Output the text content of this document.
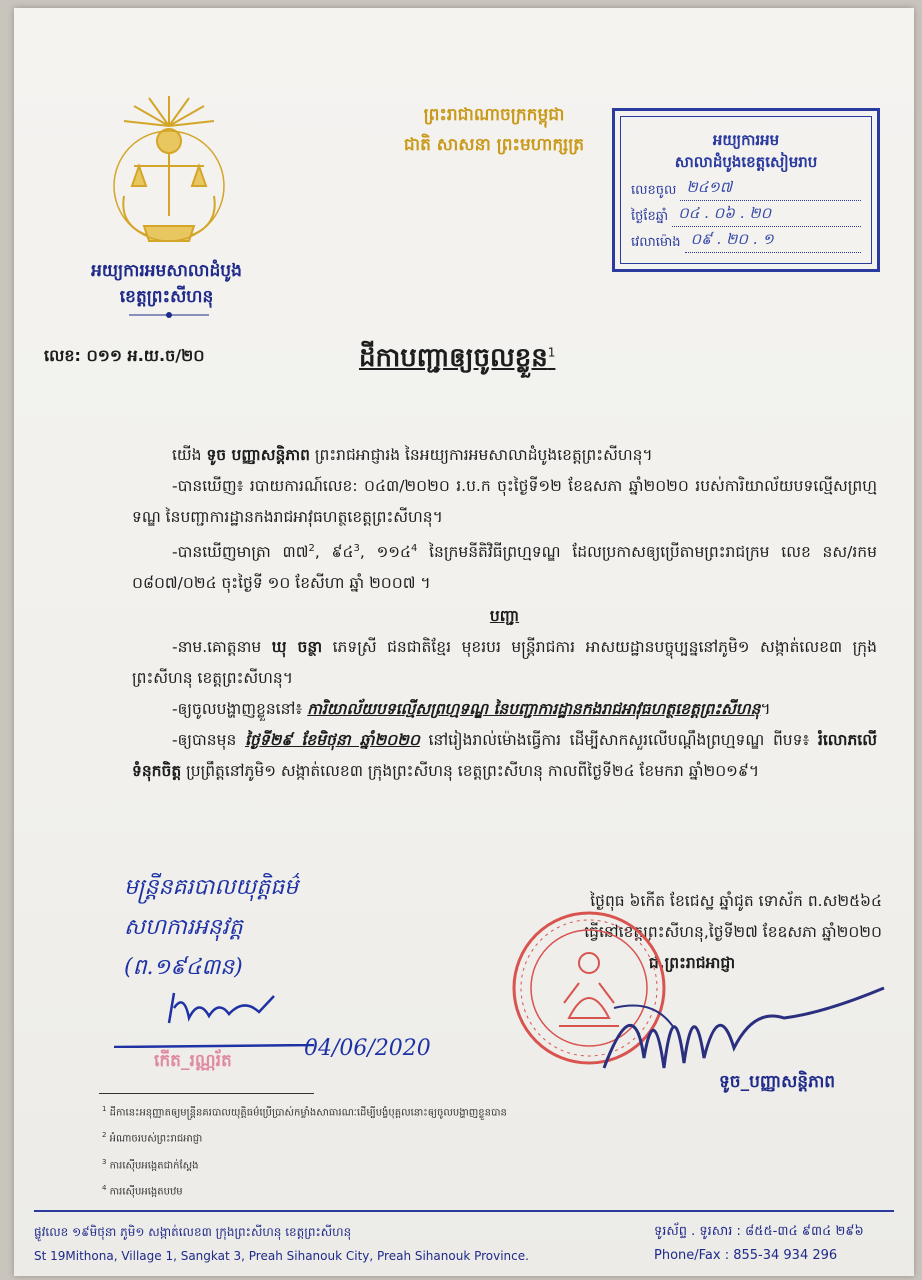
អយ្យការអមសាលាដំបូង
ខេត្តព្រះសីហនុ
ព្រះរាជាណាចក្រកម្ពុជា
ជាតិ សាសនា ព្រះមហាក្សត្រ	អយ្យការអម
សាលាដំបូងខេត្តសៀមរាប
លេខចូល ២៤១៧
ថ្ងៃខែឆ្នាំ ០៤ . ០៦ . ២០
វេលាម៉ោង ០៩ . ២០ . ១
លេខ: ០១១ អ.យ.ច/២០	ដីកាបញ្ជាឲ្យចូលខ្លួន$^1$

យើង ទូច បញ្ញាសន្តិភាព ព្រះរាជអាជ្ញារង នៃអយ្យការអមសាលាដំបូងខេត្តព្រះសីហនុ។

-បានឃើញ៖ របាយការណ៍លេខ: ០៤៣/២០២០ រ.ប.ក ចុះថ្ងៃទី១២ ខែឧសភា ឆ្នាំ២០២០ របស់ការិយាល័យបទល្មើសព្រហ្មទណ្ឌ នៃបញ្ជាការដ្ឋានកងរាជអាវុធហត្ថខេត្តព្រះសីហនុ។

-បានឃើញមាត្រា ៣៧$^2$, ៩៤$^3$, ១១៤$^4$ នៃក្រមនីតិវិធីព្រហ្មទណ្ឌ ដែលប្រកាសឲ្យប្រើតាមព្រះរាជក្រម លេខ នស/រកម ០៨០៧/០២៤ ចុះថ្ងៃទី ១០ ខែសីហា ឆ្នាំ ២០០៧ ។

បញ្ជា

-នាម.គោត្តនាម ឃុ ចន្ថា ភេទស្រី ជនជាតិខ្មែរ មុខរបរ មន្ត្រីរាជការ អាសយដ្ឋានបច្ចុប្បន្ននៅភូមិ១ សង្កាត់លេខ៣ ក្រុងព្រះសីហនុ ខេត្តព្រះសីហនុ។

-ឲ្យចូលបង្ហាញខ្លួននៅ៖ ការិយាល័យបទល្មើសព្រហ្មទណ្ឌ នៃបញ្ជាការដ្ឋានកងរាជអាវុធហត្ថខេត្តព្រះសីហនុ។

-ឲ្យបានមុន ថ្ងៃទី២៩ ខែមិថុនា ឆ្នាំ២០២០ នៅរៀងរាល់ម៉ោងធ្វើការ ដើម្បីសាកសួរលើបណ្តឹងព្រហ្មទណ្ឌ ពីបទ៖ រំលោភលើទំនុកចិត្ត ប្រព្រឹត្តនៅភូមិ១ សង្កាត់លេខ៣ ក្រុងព្រះសីហនុ ខេត្តព្រះសីហនុ កាលពីថ្ងៃទី២៤ ខែមករា ឆ្នាំ២០១៩។

មន្ត្រីនគរបាលយុត្តិធម៌
សហការអនុវត្ត
(ព.១៩៤៣ន)
04/06/2020
កើត_រណ្ណរ័ត
ថ្ងៃពុធ ៦កើត ខែជេស្ឋ ឆ្នាំជូត ទោស័ក ព.ស២៥៦៤
ធ្វើនៅខេត្តព្រះសីហនុ,ថ្ងៃទី២៧ ខែឧសភា ឆ្នាំ២០២០
ជ.ព្រះរាជអាជ្ញា
ទូច_បញ្ញាសន្តិភាព
$^1$ ដីកានេះអនុញ្ញាតឲ្យមន្ត្រីនគរបាលយុត្តិធម៌ប្រើប្រាស់កម្លាំងសាធារណៈដើម្បីបង្ខំបុគ្គលនោះឲ្យចូលបង្ហាញខ្លួនបាន
$^2$ អំណាចរបស់ព្រះរាជអាជ្ញា
$^3$ ការស៊ើបអង្កេតជាក់ស្តែង
$^4$ ការស៊ើបអង្កេតបឋម
ផ្លូវលេខ ១៩មិថុនា ភូមិ១ សង្កាត់លេខ៣ ក្រុងព្រះសីហនុ ខេត្តព្រះសីហនុ
St 19Mithona, Village 1, Sangkat 3, Preah Sihanouk City, Preah Sihanouk Province.
ទូរស័ព្ទ . ទូរសារ : ៨៥៥-៣៤ ៩៣៤ ២៩៦
Phone/Fax : 855-34 934 296
